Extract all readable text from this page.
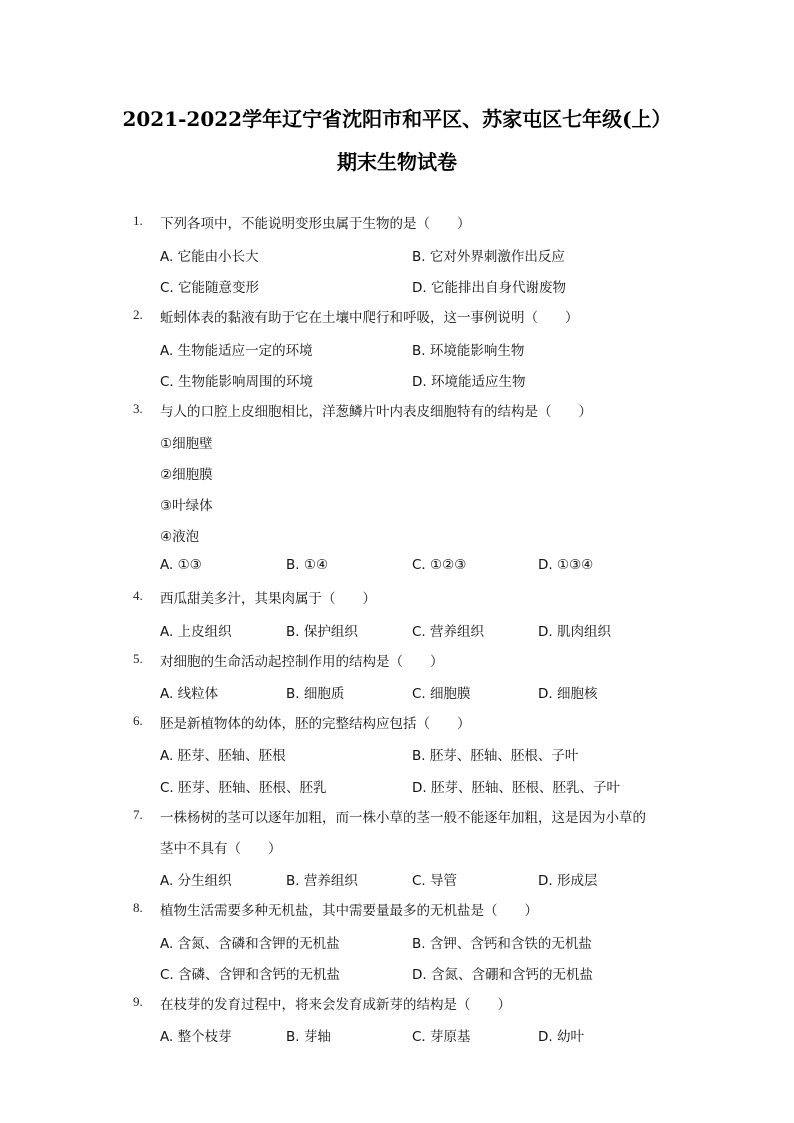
2021-2022学年辽宁省沈阳市和平区、苏家屯区七年级(上）
期末生物试卷
1. 下列各项中，不能说明变形虫属于生物的是（　　）
A. 它能由小长大	B. 它对外界刺激作出反应
C. 它能随意变形	D. 它能排出自身代谢废物
2. 蚯蚓体表的黏液有助于它在土壤中爬行和呼吸，这一事例说明（　　）
A. 生物能适应一定的环境	B. 环境能影响生物
C. 生物能影响周围的环境	D. 环境能适应生物
3. 与人的口腔上皮细胞相比，洋葱鳞片叶内表皮细胞特有的结构是（　　）
①细胞壁
②细胞膜
③叶绿体
④液泡
A. ①③	B. ①④	C. ①②③	D. ①③④
4. 西瓜甜美多汁，其果肉属于（　　）
A. 上皮组织	B. 保护组织	C. 营养组织	D. 肌肉组织
5. 对细胞的生命活动起控制作用的结构是（　　）
A. 线粒体	B. 细胞质	C. 细胞膜	D. 细胞核
6. 胚是新植物体的幼体，胚的完整结构应包括（　　）
A. 胚芽、胚轴、胚根	B. 胚芽、胚轴、胚根、子叶
C. 胚芽、胚轴、胚根、胚乳	D. 胚芽、胚轴、胚根、胚乳、子叶
7. 一株杨树的茎可以逐年加粗，而一株小草的茎一般不能逐年加粗，这是因为小草的
茎中不具有（　　）
A. 分生组织	B. 营养组织	C. 导管	D. 形成层
8. 植物生活需要多种无机盐，其中需要量最多的无机盐是（　　）
A. 含氮、含磷和含钾的无机盐	B. 含钾、含钙和含铁的无机盐
C. 含磷、含钾和含钙的无机盐	D. 含氮、含硼和含钙的无机盐
9. 在枝芽的发育过程中，将来会发育成新芽的结构是（　　）
A. 整个枝芽	B. 芽轴	C. 芽原基	D. 幼叶
